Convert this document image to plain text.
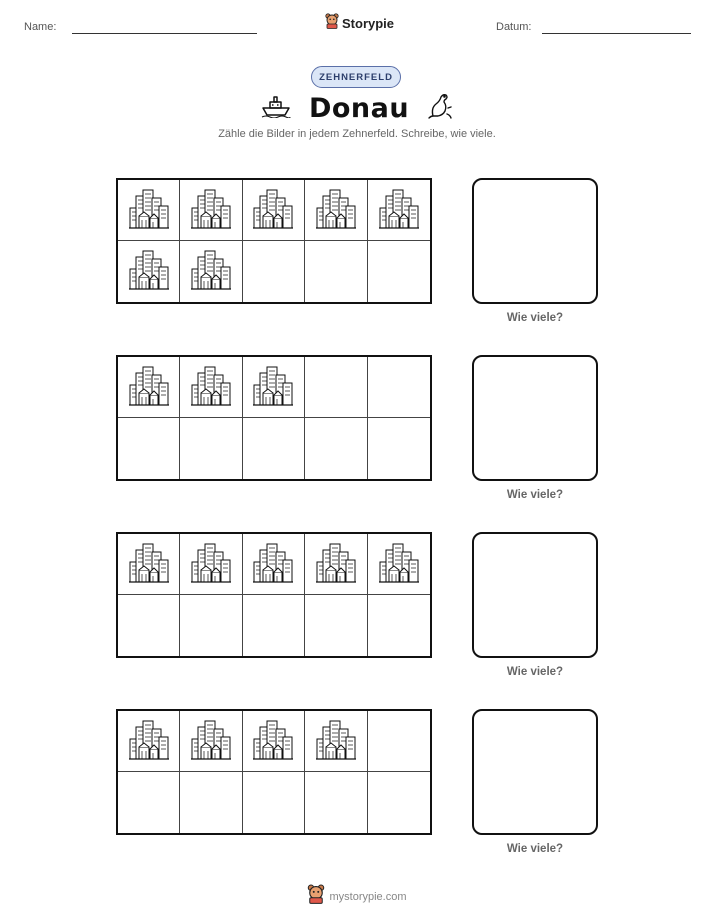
Name:	Storypie	Datum:
ZEHNERFELD
Donau
Zähle die Bilder in jedem Zehnerfeld. Schreibe, wie viele.
Wie viele?
Wie viele?
Wie viele?
Wie viele?
mystorypie.com
